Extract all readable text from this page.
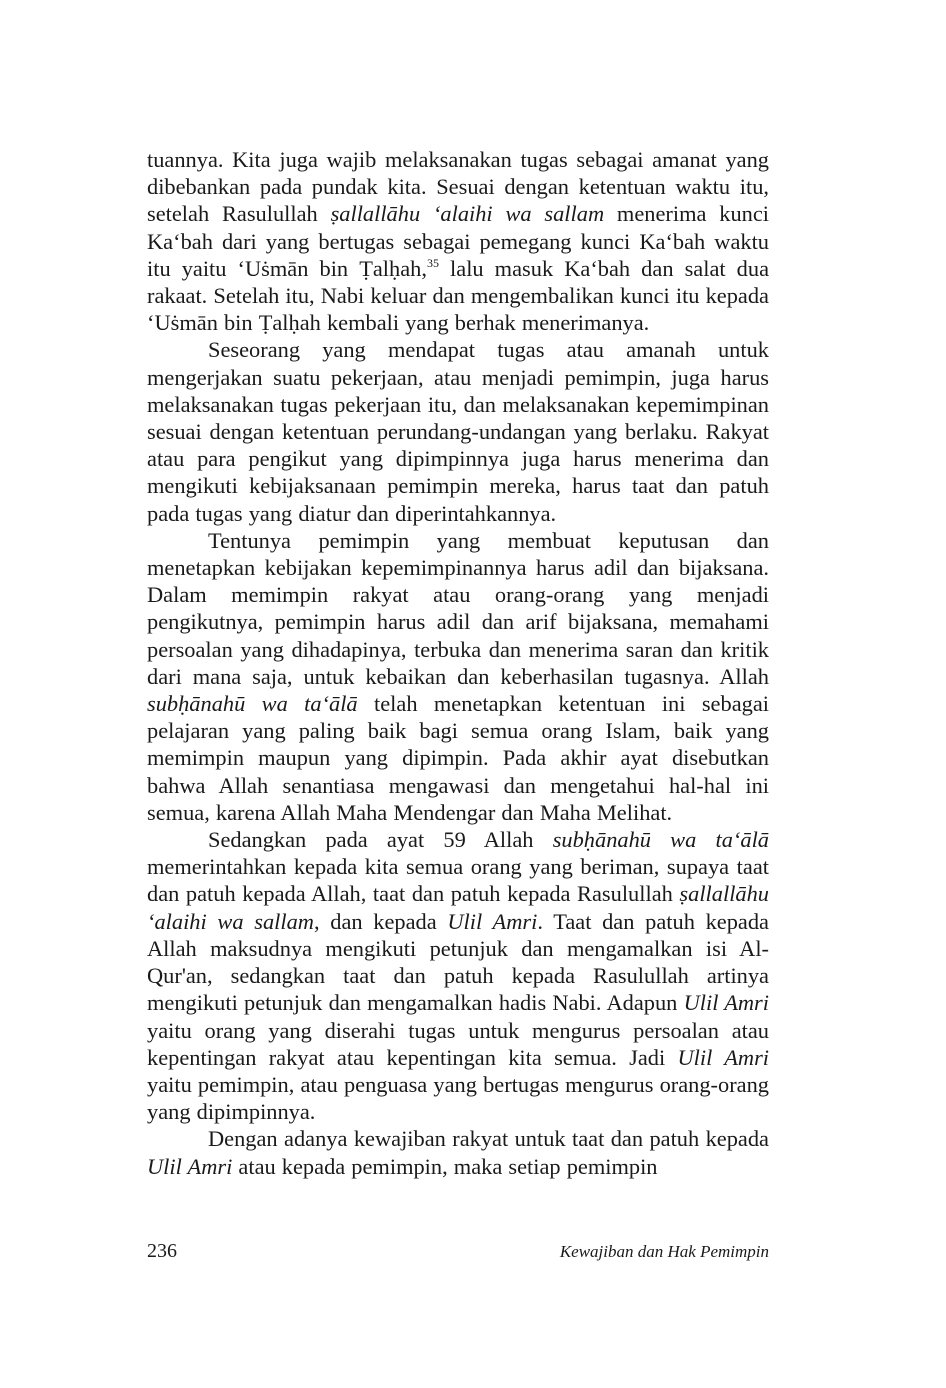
tuannya. Kita juga wajib melaksanakan tugas sebagai amanat yang dibebankan pada pundak kita. Sesuai dengan ketentuan waktu itu, setelah Rasulullah ṣallallāhu ‘alaihi wa sallam menerima kunci Ka‘bah dari yang bertugas sebagai pemegang kunci Ka‘bah waktu itu yaitu ‘Uṡmān bin Ṭalḥah,$^{35}$ lalu masuk Ka‘bah dan salat dua rakaat. Setelah itu, Nabi keluar dan mengembalikan kunci itu kepada ‘Uṡmān bin Ṭalḥah kembali yang berhak menerimanya.

Seseorang yang mendapat tugas atau amanah untuk mengerjakan suatu pekerjaan, atau menjadi pemimpin, juga harus melaksanakan tugas pekerjaan itu, dan melaksanakan kepemimpinan sesuai dengan ketentuan perundang-undangan yang berlaku. Rakyat atau para pengikut yang dipimpinnya juga harus menerima dan mengikuti kebijaksanaan pemimpin mereka, harus taat dan patuh pada tugas yang diatur dan diperintahkannya.

Tentunya pemimpin yang membuat keputusan dan menetapkan kebijakan kepemimpinannya harus adil dan bijaksana. Dalam memimpin rakyat atau orang-orang yang menjadi pengikutnya, pemimpin harus adil dan arif bijaksana, memahami persoalan yang dihadapinya, terbuka dan menerima saran dan kritik dari mana saja, untuk kebaikan dan keberhasilan tugasnya. Allah subḥānahū wa ta‘ālā telah menetapkan ketentuan ini sebagai pelajaran yang paling baik bagi semua orang Islam, baik yang memimpin maupun yang dipimpin. Pada akhir ayat disebutkan bahwa Allah senantiasa mengawasi dan mengetahui hal-hal ini semua, karena Allah Maha Mendengar dan Maha Melihat.

Sedangkan pada ayat 59 Allah subḥānahū wa ta‘ālā memerintahkan kepada kita semua orang yang beriman, supaya taat dan patuh kepada Allah, taat dan patuh kepada Rasulullah ṣallallāhu ‘alaihi wa sallam, dan kepada Ulil Amri. Taat dan patuh kepada Allah maksudnya mengikuti petunjuk dan mengamalkan isi Al-Qur'an, sedangkan taat dan patuh kepada Rasulullah artinya mengikuti petunjuk dan mengamalkan hadis Nabi. Adapun Ulil Amri yaitu orang yang diserahi tugas untuk mengurus persoalan atau kepentingan rakyat atau kepentingan kita semua. Jadi Ulil Amri yaitu pemimpin, atau penguasa yang bertugas mengurus orang-orang yang dipimpinnya.

Dengan adanya kewajiban rakyat untuk taat dan patuh kepada Ulil Amri atau kepada pemimpin, maka setiap pemimpin

236	Kewajiban dan Hak Pemimpin
